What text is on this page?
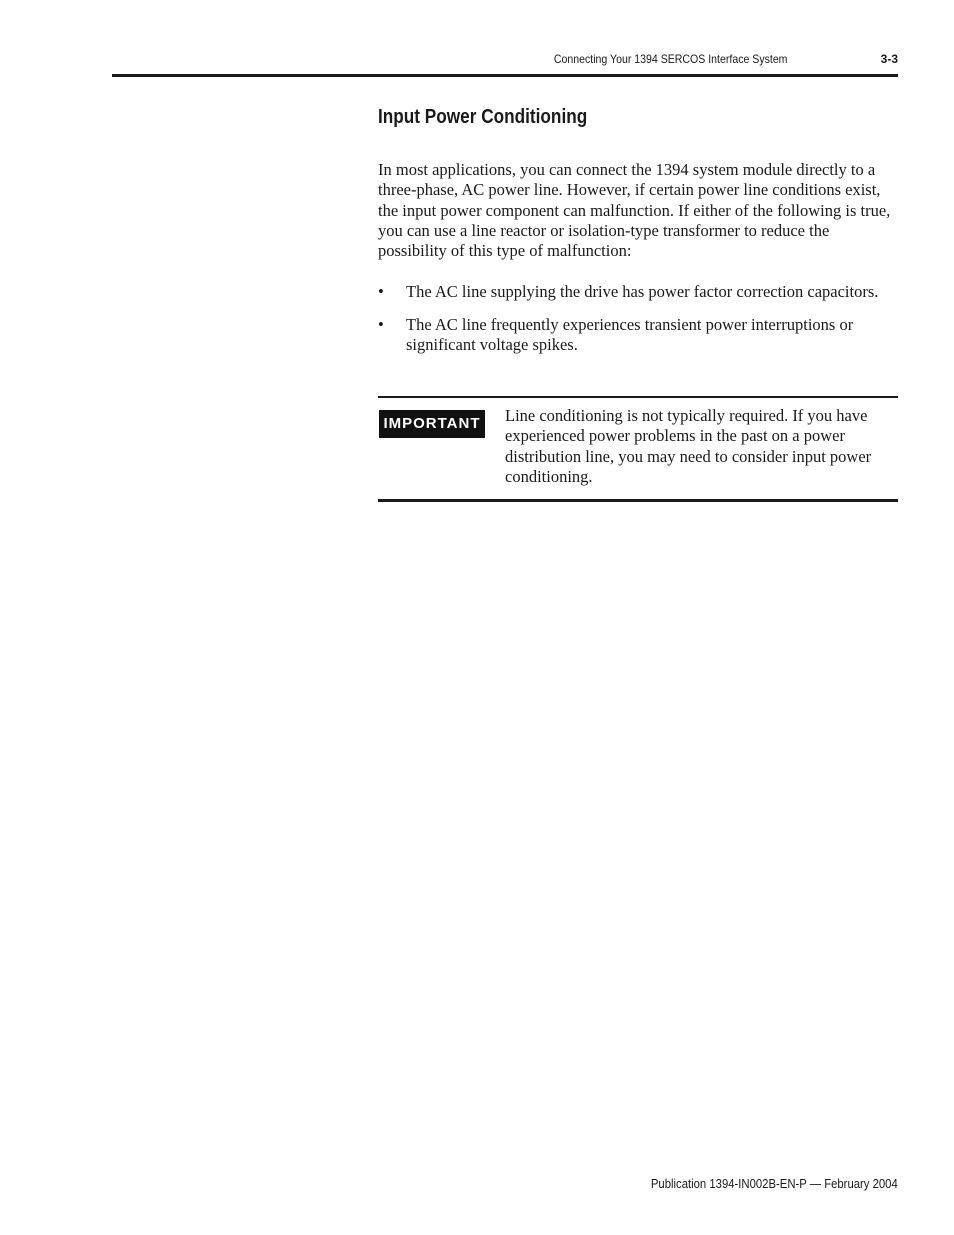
Connecting Your 1394 SERCOS Interface System	3-3
Input Power Conditioning

In most applications, you can connect the 1394 system module directly to a three-phase, AC power line. However, if certain power line conditions exist, the input power component can malfunction. If either of the following is true, you can use a line reactor or isolation-type transformer to reduce the possibility of this type of malfunction:

• The AC line supplying the drive has power factor correction capacitors.
• The AC line frequently experiences transient power interruptions or significant voltage spikes.
IMPORTANT Line conditioning is not typically required. If you have experienced power problems in the past on a power distribution line, you may need to consider input power conditioning.

Publication 1394-IN002B-EN-P — February 2004
